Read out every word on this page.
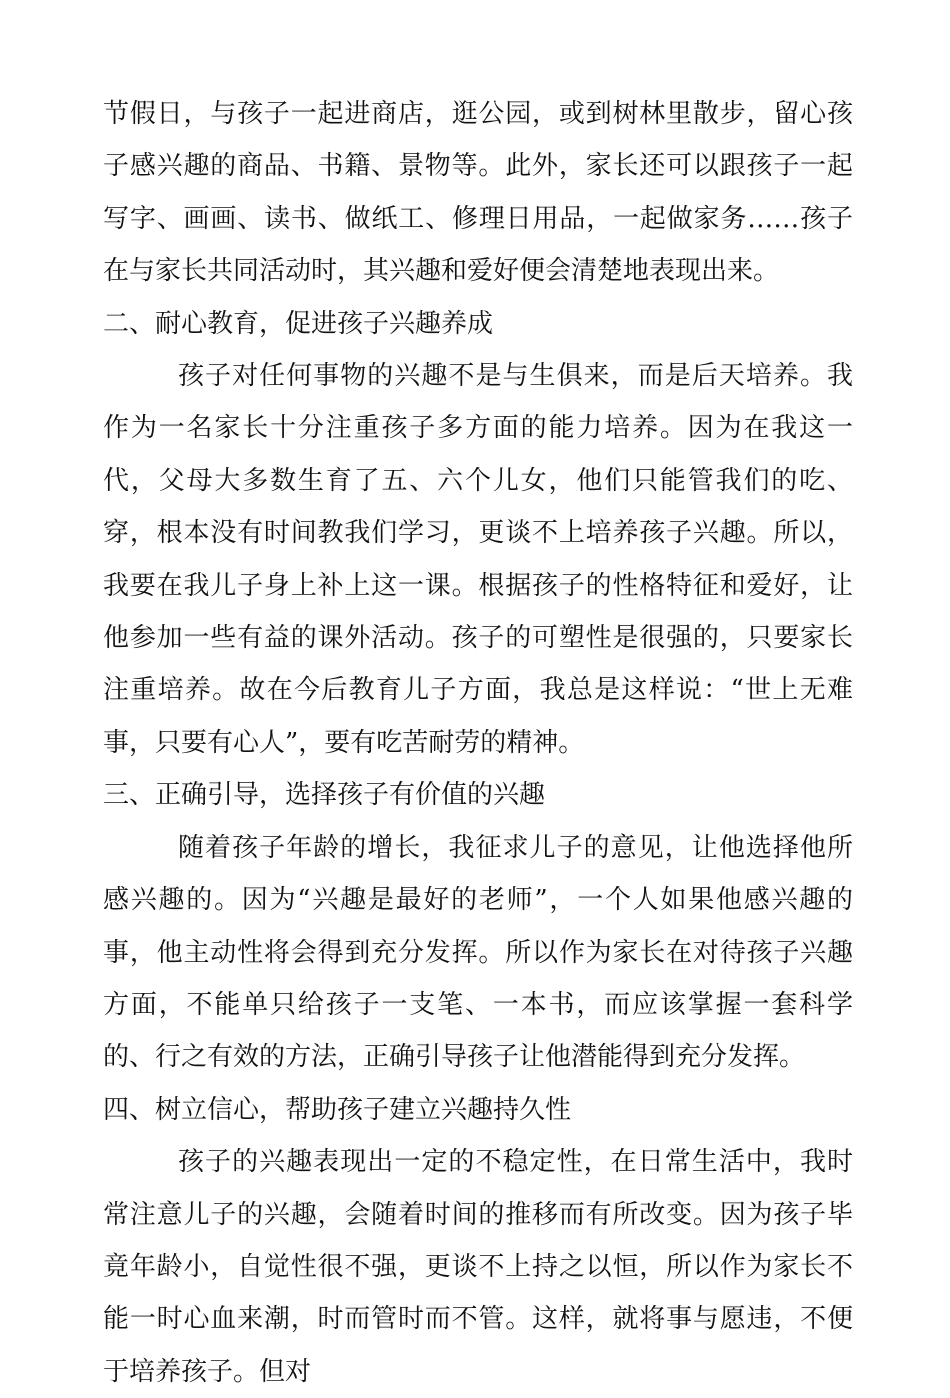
节假日，与孩子一起进商店，逛公园，或到树林里散步，留心孩子感兴趣的商品、书籍、景物等。此外，家长还可以跟孩子一起写字、画画、读书、做纸工、修理日用品，一起做家务……孩子在与家长共同活动时，其兴趣和爱好便会清楚地表现出来。

二、耐心教育，促进孩子兴趣养成

孩子对任何事物的兴趣不是与生俱来，而是后天培养。我作为一名家长十分注重孩子多方面的能力培养。因为在我这一代，父母大多数生育了五、六个儿女，他们只能管我们的吃、穿，根本没有时间教我们学习，更谈不上培养孩子兴趣。所以，我要在我儿子身上补上这一课。根据孩子的性格特征和爱好，让他参加一些有益的课外活动。孩子的可塑性是很强的，只要家长注重培养。故在今后教育儿子方面，我总是这样说：“世上无难事，只要有心人”，要有吃苦耐劳的精神。

三、正确引导，选择孩子有价值的兴趣

随着孩子年龄的增长，我征求儿子的意见，让他选择他所感兴趣的。因为“兴趣是最好的老师”，一个人如果他感兴趣的事，他主动性将会得到充分发挥。所以作为家长在对待孩子兴趣方面，不能单只给孩子一支笔、一本书，而应该掌握一套科学的、行之有效的方法，正确引导孩子让他潜能得到充分发挥。

四、树立信心，帮助孩子建立兴趣持久性

孩子的兴趣表现出一定的不稳定性，在日常生活中，我时常注意儿子的兴趣，会随着时间的推移而有所改变。因为孩子毕竟年龄小，自觉性很不强，更谈不上持之以恒，所以作为家长不能一时心血来潮，时而管时而不管。这样，就将事与愿违，不便于培养孩子。但对
